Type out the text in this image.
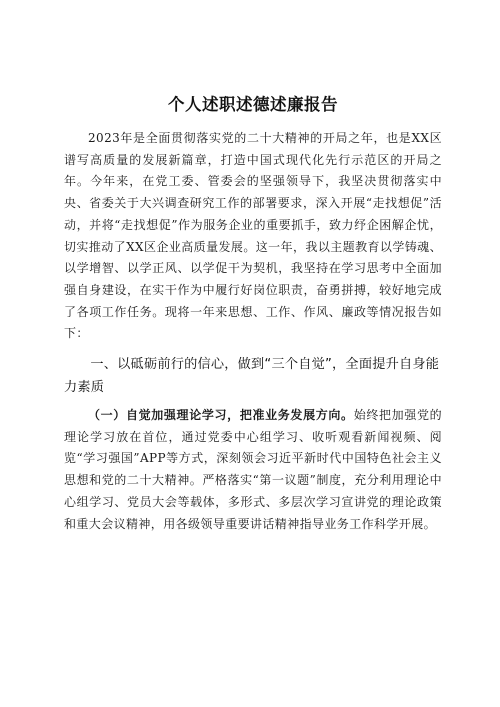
个人述职述德述廉报告

2023年是全面贯彻落实党的二十大精神的开局之年，也是XX区谱写高质量的发展新篇章，打造中国式现代化先行示范区的开局之年。今年来，在党工委、管委会的坚强领导下，我坚决贯彻落实中央、省委关于大兴调查研究工作的部署要求，深入开展“走找想促”活动，并将“走找想促”作为服务企业的重要抓手，致力纾企困解企忧，切实推动了XX区企业高质量发展。这一年，我以主题教育以学铸魂、以学增智、以学正风、以学促干为契机，我坚持在学习思考中全面加强自身建设，在实干作为中履行好岗位职责，奋勇拼搏，较好地完成了各项工作任务。现将一年来思想、工作、作风、廉政等情况报告如下：

一、以砥砺前行的信心，做到“三个自觉”，全面提升自身能力素质

（一）自觉加强理论学习，把准业务发展方向。始终把加强党的理论学习放在首位，通过党委中心组学习、收听观看新闻视频、阅览“学习强国”APP等方式，深刻领会习近平新时代中国特色社会主义思想和党的二十大精神。严格落实“第一议题”制度，充分利用理论中心组学习、党员大会等载体，多形式、多层次学习宣讲党的理论政策和重大会议精神，用各级领导重要讲话精神指导业务工作科学开展。
